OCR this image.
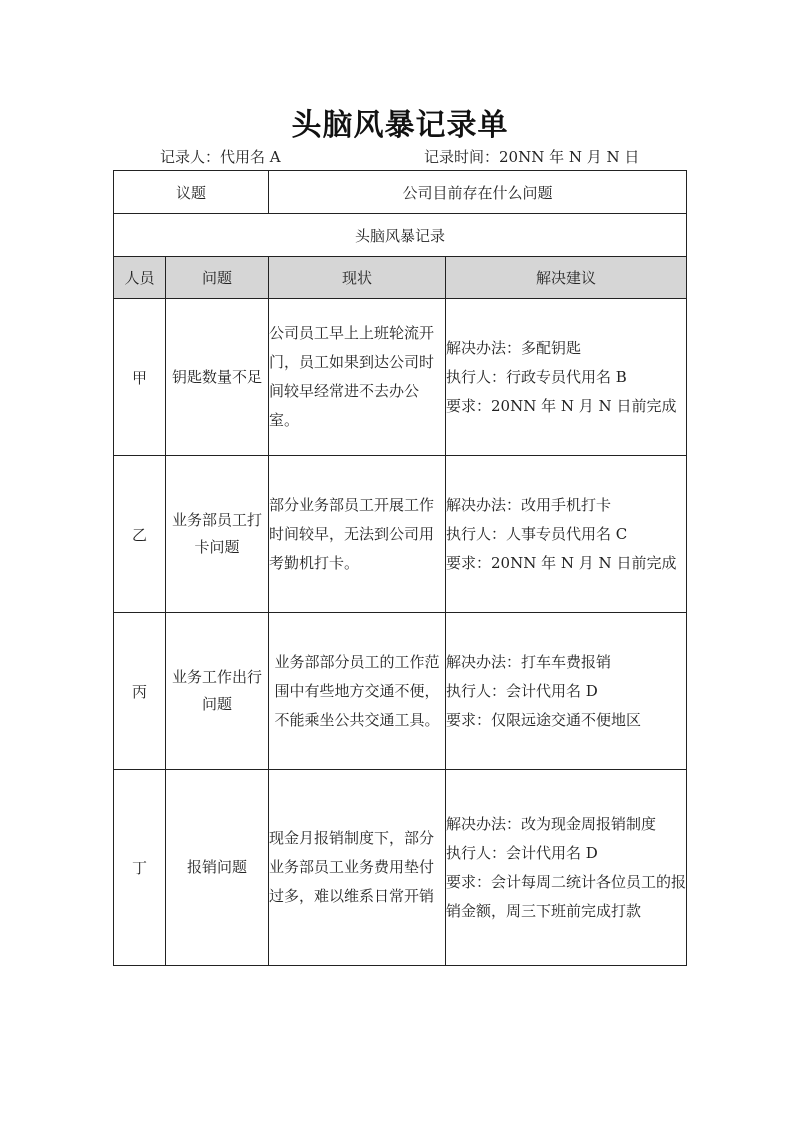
头脑风暴记录单
记录人：代用名 A	记录时间：20NN 年 N 月 N 日
议题		公司目前存在什么问题	
头脑风暴记录			
人员	问题	现状	解决建议
甲	钥匙数量不足	公司员工早上上班轮流开门，员工如果到达公司时间较早经常进不去办公室。	解决办法：多配钥匙
执行人：行政专员代用名 B
要求：20NN 年 N 月 N 日前完成

乙	业务部员工打卡问题	部分业务部员工开展工作时间较早，无法到公司用考勤机打卡。	解决办法：改用手机打卡
执行人：人事专员代用名 C
要求：20NN 年 N 月 N 日前完成

丙	业务工作出行问题	业务部部分员工的工作范围中有些地方交通不便，不能乘坐公共交通工具。	解决办法：打车车费报销
执行人：会计代用名 D
要求：仅限远途交通不便地区

丁	报销问题	现金月报销制度下，部分业务部员工业务费用垫付过多，难以维系日常开销	解决办法：改为现金周报销制度
执行人：会计代用名 D
要求：会计每周二统计各位员工的报销金额，周三下班前完成打款
